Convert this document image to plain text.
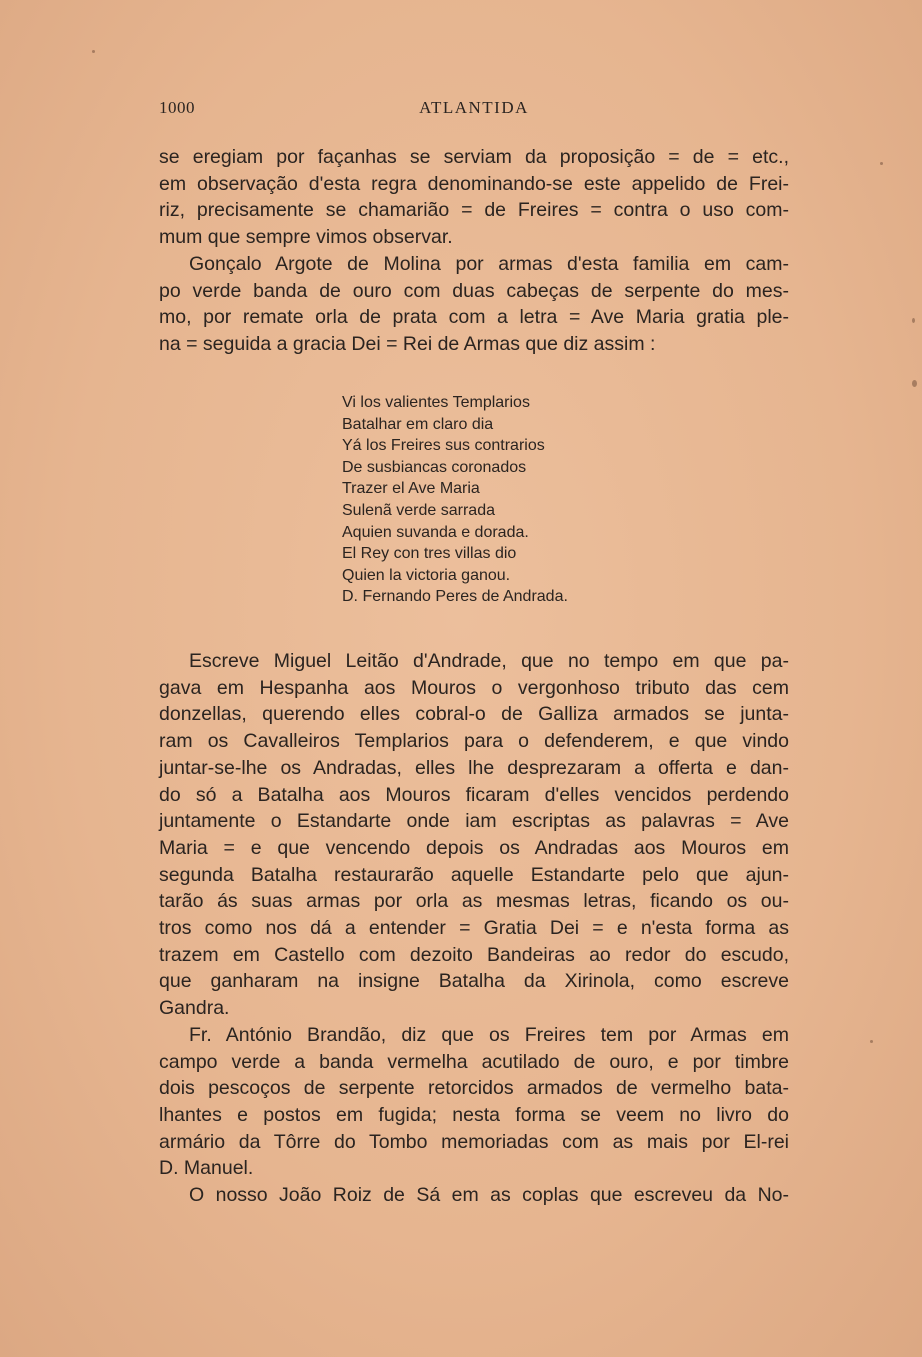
1000	ATLANTIDA
se eregiam por façanhas se serviam da proposição = de = etc.,
em observação d'esta regra denominando-se este appelido de Frei-
riz, precisamente se chamarião = de Freires = contra o uso com-
mum que sempre vimos observar.
Gonçalo Argote de Molina por armas d'esta familia em cam-
po verde banda de ouro com duas cabeças de serpente do mes-
mo, por remate orla de prata com a letra = Ave Maria gratia ple-
na = seguida a gracia Dei = Rei de Armas que diz assim :
Vi los valientes Templarios
Batalhar em claro dia
Yá los Freires sus contrarios
De susbiancas coronados
Trazer el Ave Maria
Sulenã verde sarrada
Aquien suvanda e dorada.
El Rey con tres villas dio
Quien la victoria ganou.
D. Fernando Peres de Andrada.
Escreve Miguel Leitão d'Andrade, que no tempo em que pa-
gava em Hespanha aos Mouros o vergonhoso tributo das cem
donzellas, querendo elles cobral-o de Galliza armados se junta-
ram os Cavalleiros Templarios para o defenderem, e que vindo
juntar-se-lhe os Andradas, elles lhe desprezaram a offerta e dan-
do só a Batalha aos Mouros ficaram d'elles vencidos perdendo
juntamente o Estandarte onde iam escriptas as palavras = Ave
Maria = e que vencendo depois os Andradas aos Mouros em
segunda Batalha restaurarão aquelle Estandarte pelo que ajun-
tarão ás suas armas por orla as mesmas letras, ficando os ou-
tros como nos dá a entender = Gratia Dei = e n'esta forma as
trazem em Castello com dezoito Bandeiras ao redor do escudo,
que ganharam na insigne Batalha da Xirinola, como escreve
Gandra.
Fr. António Brandão, diz que os Freires tem por Armas em
campo verde a banda vermelha acutilado de ouro, e por timbre
dois pescoços de serpente retorcidos armados de vermelho bata-
lhantes e postos em fugida; nesta forma se veem no livro do
armário da Tôrre do Tombo memoriadas com as mais por El-rei
D. Manuel.
O nosso João Roiz de Sá em as coplas que escreveu da No-
